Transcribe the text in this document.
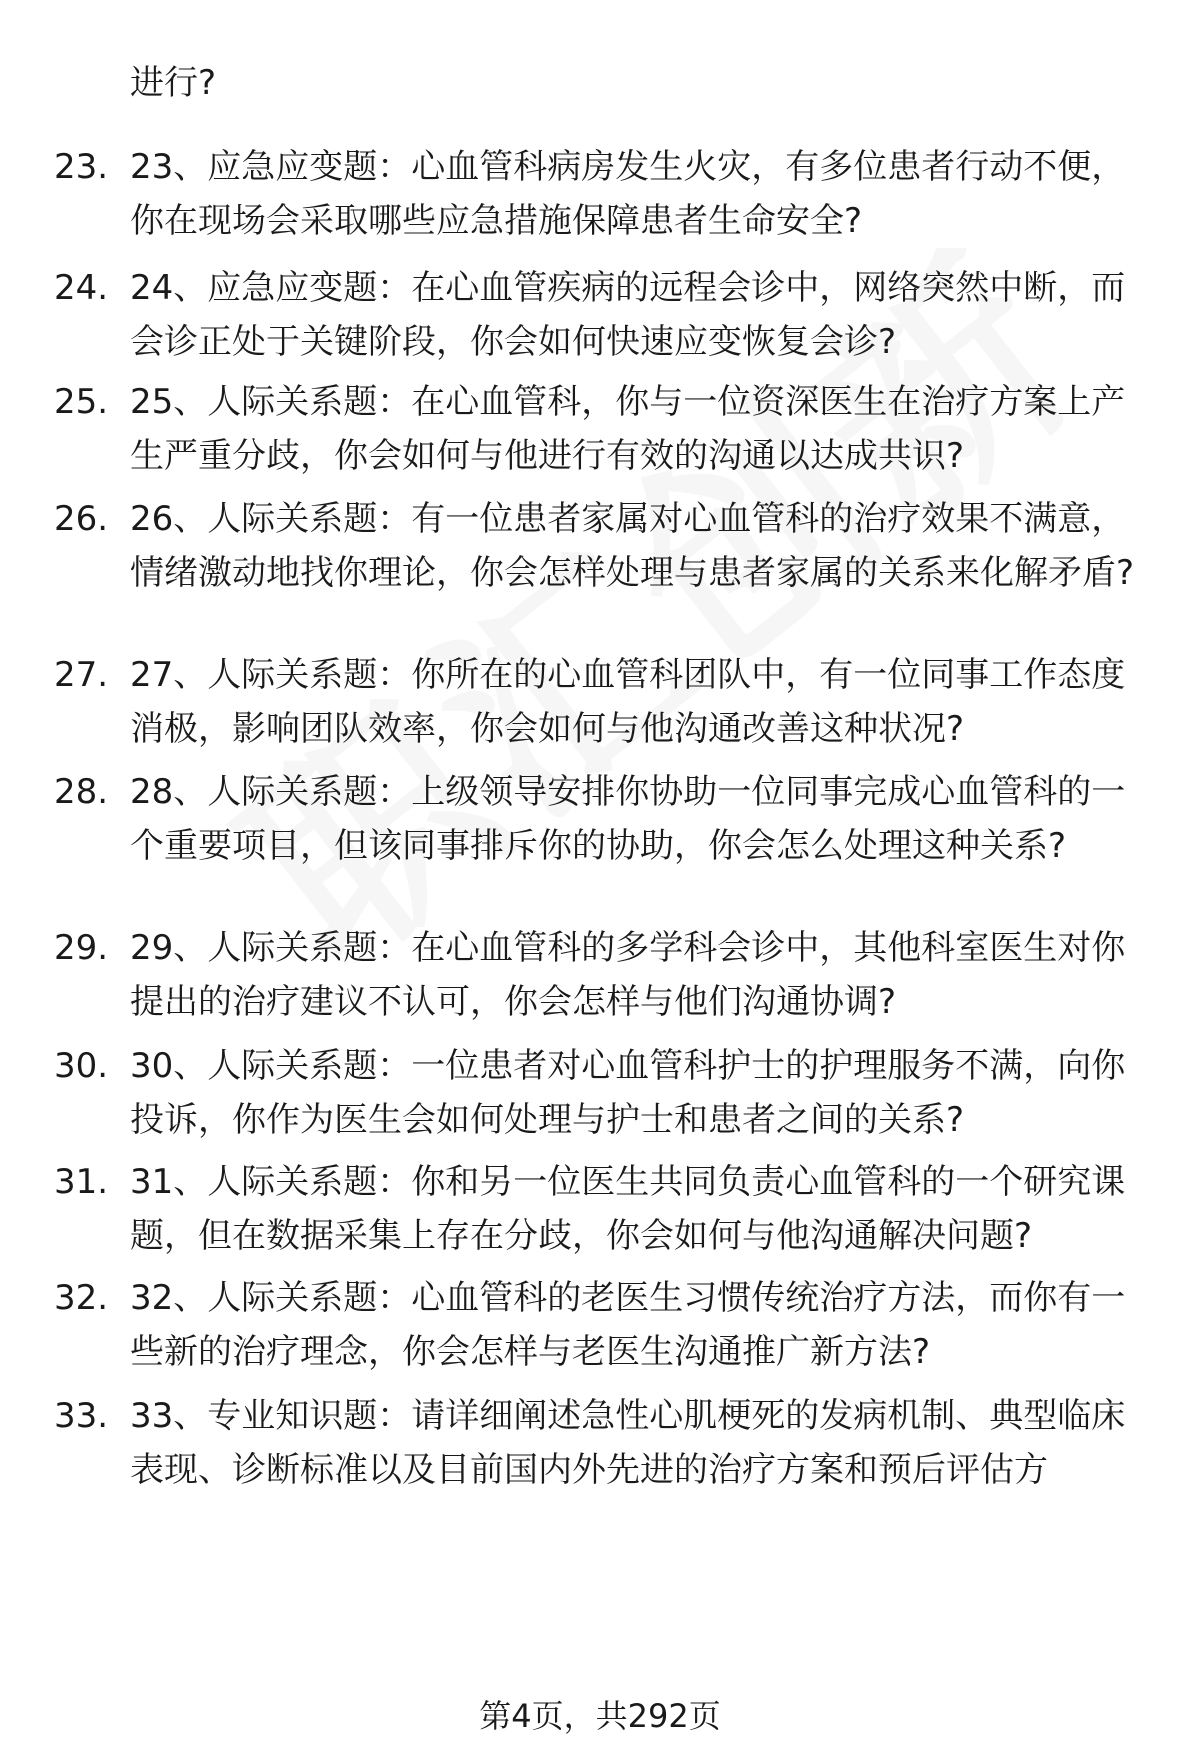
进行?
23. 23、应急应变题：心血管科病房发生火灾，有多位患者行动不便，你在现场会采取哪些应急措施保障患者生命安全?
24. 24、应急应变题：在心血管疾病的远程会诊中，网络突然中断，而会诊正处于关键阶段，你会如何快速应变恢复会诊?
25. 25、人际关系题：在心血管科，你与一位资深医生在治疗方案上产生严重分歧，你会如何与他进行有效的沟通以达成共识?
26. 26、人际关系题：有一位患者家属对心血管科的治疗效果不满意，情绪激动地找你理论，你会怎样处理与患者家属的关系来化解矛盾?
27. 27、人际关系题：你所在的心血管科团队中，有一位同事工作态度消极，影响团队效率，你会如何与他沟通改善这种状况?
28. 28、人际关系题：上级领导安排你协助一位同事完成心血管科的一个重要项目，但该同事排斥你的协助，你会怎么处理这种关系?
29. 29、人际关系题：在心血管科的多学科会诊中，其他科室医生对你提出的治疗建议不认可，你会怎样与他们沟通协调?
30. 30、人际关系题：一位患者对心血管科护士的护理服务不满，向你投诉，你作为医生会如何处理与护士和患者之间的关系?
31. 31、人际关系题：你和另一位医生共同负责心血管科的一个研究课题，但在数据采集上存在分歧，你会如何与他沟通解决问题?
32. 32、人际关系题：心血管科的老医生习惯传统治疗方法，而你有一些新的治疗理念，你会怎样与老医生沟通推广新方法?
33. 33、专业知识题：请详细阐述急性心肌梗死的发病机制、典型临床表现、诊断标准以及目前国内外先进的治疗方案和预后评估方
第4页，共292页
